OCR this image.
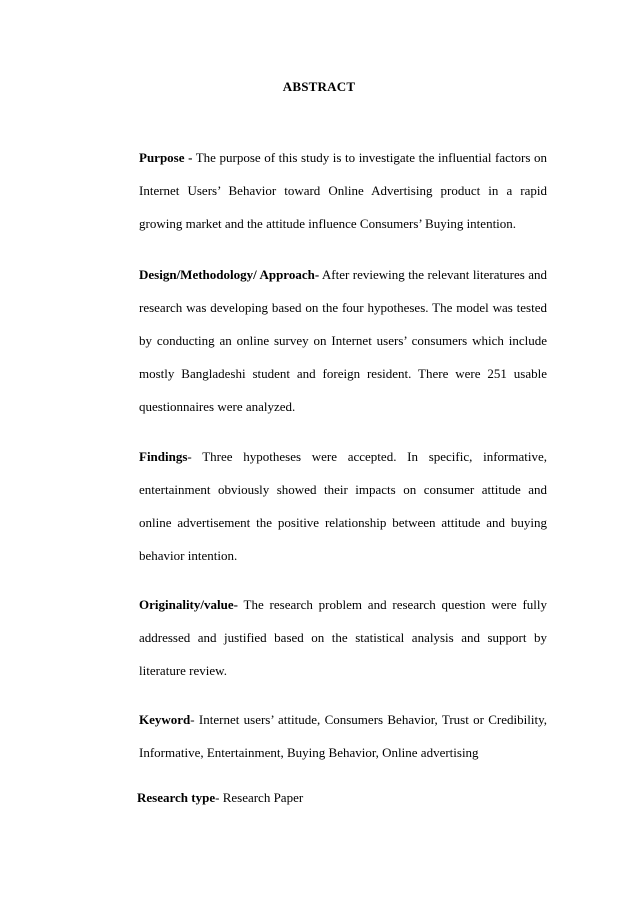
ABSTRACT

Purpose - The purpose of this study is to investigate the influential factors on Internet Users’ Behavior toward Online Advertising product in a rapid growing market and the attitude influence Consumers’ Buying intention.

Design/Methodology/ Approach- After reviewing the relevant literatures and research was developing based on the four hypotheses. The model was tested by conducting an online survey on Internet users’ consumers which include mostly Bangladeshi student and foreign resident. There were 251 usable questionnaires were analyzed.

Findings- Three hypotheses were accepted. In specific, informative, entertainment obviously showed their impacts on consumer attitude and online advertisement the positive relationship between attitude and buying behavior intention.

Originality/value- The research problem and research question were fully addressed and justified based on the statistical analysis and support by literature review.

Keyword- Internet users’ attitude, Consumers Behavior, Trust or Credibility, Informative, Entertainment, Buying Behavior, Online advertising

Research type- Research Paper
